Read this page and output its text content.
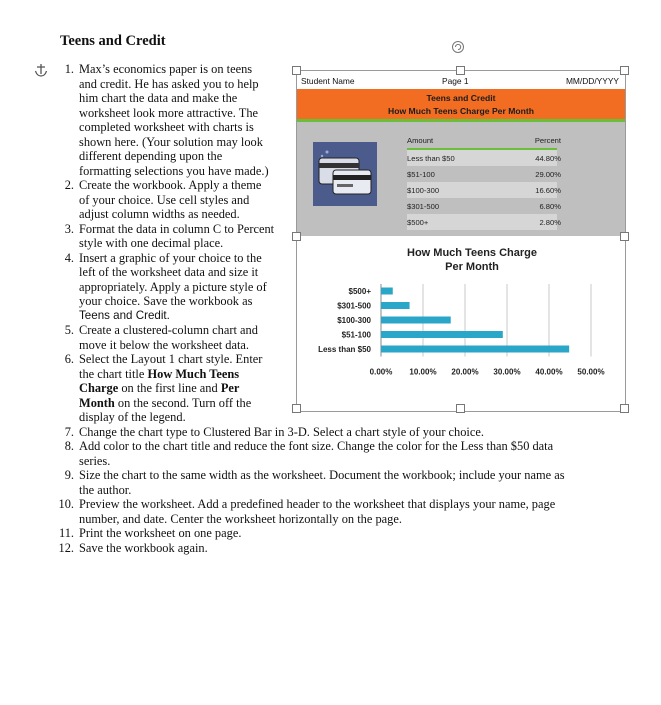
Teens and Credit
1. Max’s economics paper is on teens
and credit. He has asked you to help
him chart the data and make the
worksheet look more attractive. The
completed worksheet with charts is
shown here. (Your solution may look
different depending upon the
formatting selections you have made.)
2. Create the workbook. Apply a theme
of your choice. Use cell styles and
adjust column widths as needed.
3. Format the data in column C to Percent
style with one decimal place.
4. Insert a graphic of your choice to the
left of the worksheet data and size it
appropriately. Apply a picture style of
your choice. Save the workbook as
Teens and Credit.
5. Create a clustered-column chart and
move it below the worksheet data.
6. Select the Layout 1 chart style. Enter
the chart title How Much Teens
Charge on the first line and Per
Month on the second. Turn off the
display of the legend.
7. Change the chart type to Clustered Bar in 3-D. Select a chart style of your choice.
8. Add color to the chart title and reduce the font size. Change the color for the Less than $50 data
series.
9. Size the chart to the same width as the worksheet. Document the workbook; include your name as
the author.
10. Preview the worksheet. Add a predefined header to the worksheet that displays your name, page
number, and date. Center the worksheet horizontally on the page.
11. Print the worksheet on one page.
12. Save the workbook again.
Student Name	Page 1	MM/DD/YYYY
Teens and Credit
How Much Teens Charge Per Month
Amount	Percent
Less than $50	44.80%
$51-100	29.00%
$100-300	16.60%
$301-500	6.80%
$500+	2.80%
How Much Teens Charge
Per Month
0.00% 10.00% 20.00% 30.00% 40.00% 50.00%
$500+
$301-500
$100-300
$51-100
Less than $50
